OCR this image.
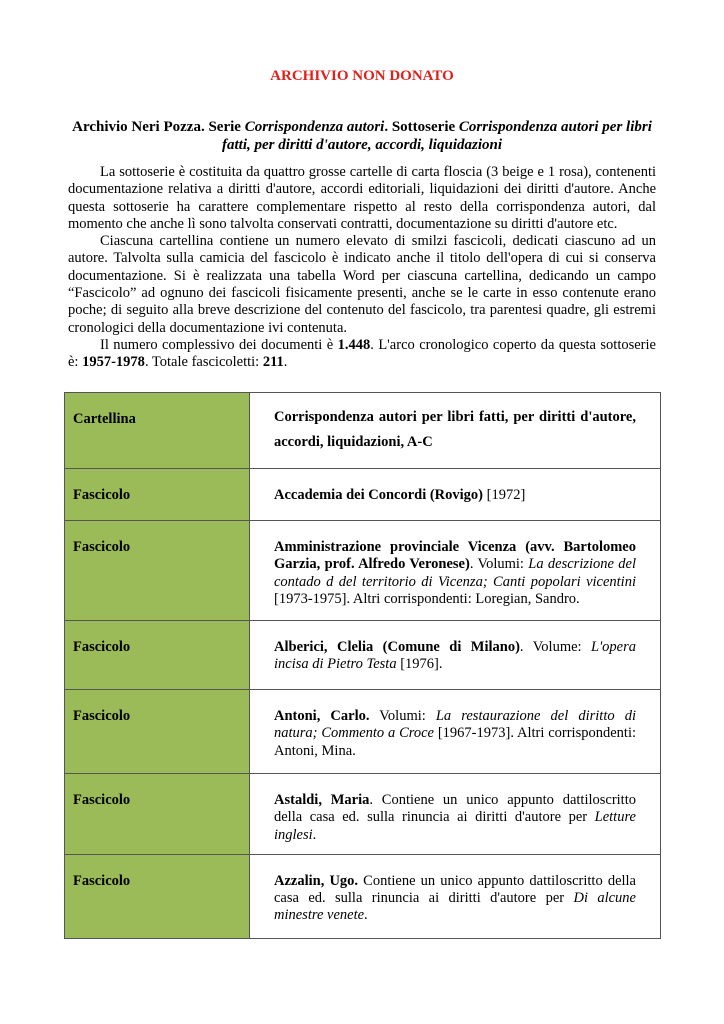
ARCHIVIO NON DONATO
Archivio Neri Pozza. Serie Corrispondenza autori. Sottoserie Corrispondenza autori per libri fatti, per diritti d'autore, accordi, liquidazioni

La sottoserie è costituita da quattro grosse cartelle di carta floscia (3 beige e 1 rosa), contenenti documentazione relativa a diritti d'autore, accordi editoriali, liquidazioni dei diritti d'autore. Anche questa sottoserie ha carattere complementare rispetto al resto della corrispondenza autori, dal momento che anche lì sono talvolta conservati contratti, documentazione su diritti d'autore etc.

Ciascuna cartellina contiene un numero elevato di smilzi fascicoli, dedicati ciascuno ad un autore. Talvolta sulla camicia del fascicolo è indicato anche il titolo dell'opera di cui si conserva documentazione. Si è realizzata una tabella Word per ciascuna cartellina, dedicando un campo “Fascicolo” ad ognuno dei fascicoli fisicamente presenti, anche se le carte in esso contenute erano poche; di seguito alla breve descrizione del contenuto del fascicolo, tra parentesi quadre, gli estremi cronologici della documentazione ivi contenuta.

Il numero complessivo dei documenti è 1.448. L'arco cronologico coperto da questa sottoserie è: 1957-1978. Totale fascicoletti: 211.

Cartellina	Corrispondenza autori per libri fatti, per diritti d'autore, accordi, liquidazioni, A-C
Fascicolo	Accademia dei Concordi (Rovigo) [1972]
Fascicolo	Amministrazione provinciale Vicenza (avv. Bartolomeo Garzia, prof. Alfredo Veronese). Volumi: La descrizione del contado d del territorio di Vicenza; Canti popolari vicentini [1973-1975]. Altri corrispondenti: Loregian, Sandro.
Fascicolo	Alberici, Clelia (Comune di Milano). Volume: L'opera incisa di Pietro Testa [1976].
Fascicolo	Antoni, Carlo. Volumi: La restaurazione del diritto di natura; Commento a Croce [1967-1973]. Altri corrispondenti: Antoni, Mina.
Fascicolo	Astaldi, Maria. Contiene un unico appunto dattiloscritto della casa ed. sulla rinuncia ai diritti d'autore per Letture inglesi.
Fascicolo	Azzalin, Ugo. Contiene un unico appunto dattiloscritto della casa ed. sulla rinuncia ai diritti d'autore per Di alcune minestre venete.
